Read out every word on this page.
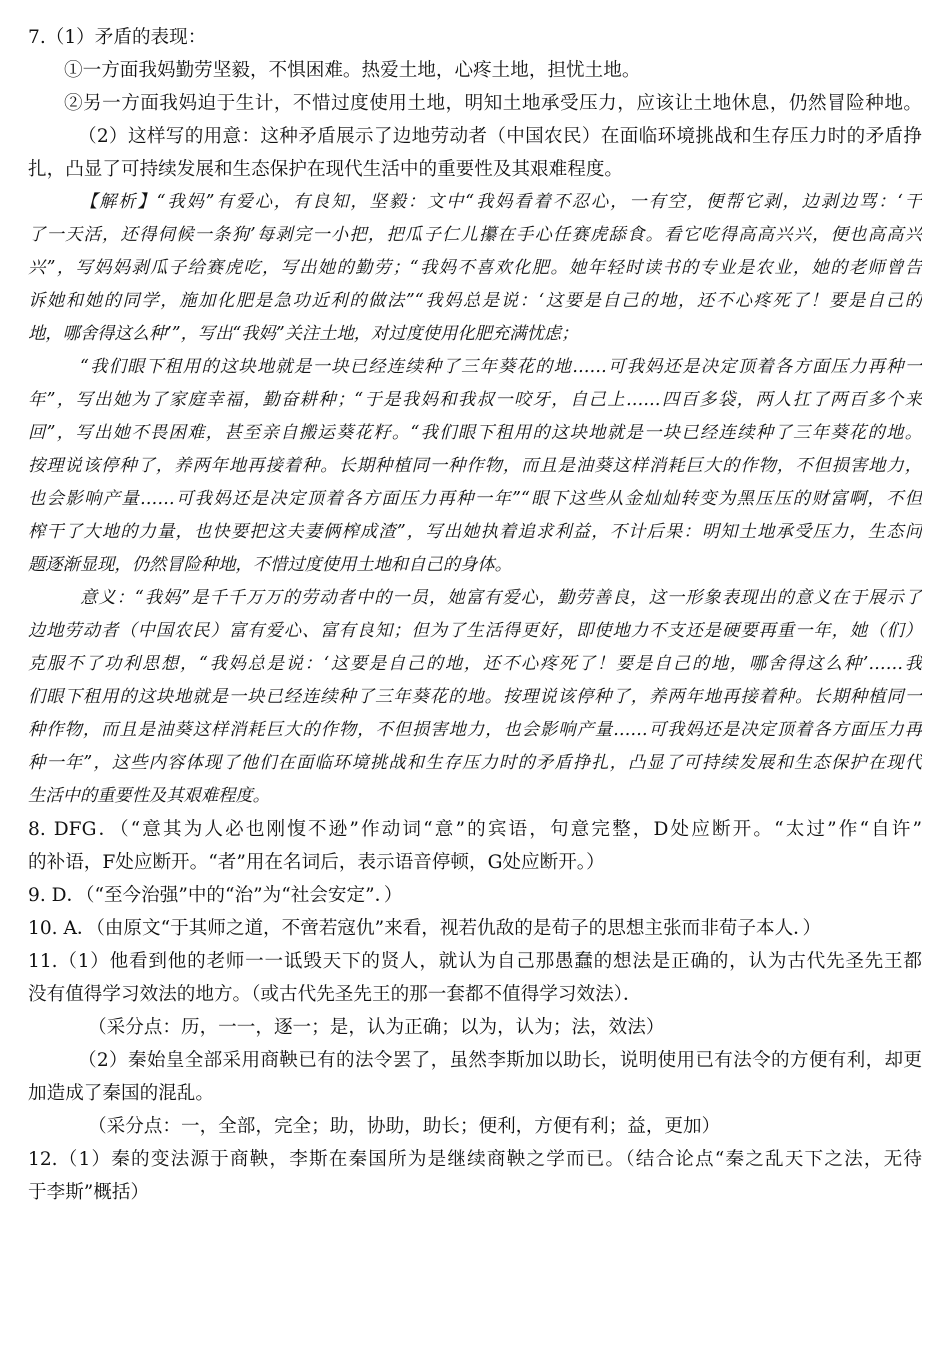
7.（1）矛盾的表现：

①一方面我妈勤劳坚毅，不惧困难。热爱土地，心疼土地，担忧土地。

②另一方面我妈迫于生计，不惜过度使用土地，明知土地承受压力，应该让土地休息，仍然冒险种地。

（2）这样写的用意：这种矛盾展示了边地劳动者（中国农民）在面临环境挑战和生存压力时的矛盾挣

扎，凸显了可持续发展和生态保护在现代生活中的重要性及其艰难程度。

【解析】“我妈”有爱心，有良知，坚毅：文中“我妈看着不忍心，一有空，便帮它剥，边剥边骂：‘干

了一天活，还得伺候一条狗’每剥完一小把，把瓜子仁儿攥在手心任赛虎舔食。看它吃得高高兴兴，便也高高兴

兴”，写妈妈剥瓜子给赛虎吃，写出她的勤劳；“我妈不喜欢化肥。她年轻时读书的专业是农业，她的老师曾告

诉她和她的同学，施加化肥是急功近利的做法”“我妈总是说：‘这要是自己的地，还不心疼死了！要是自己的

地，哪舍得这么种’”，写出“我妈”关注土地，对过度使用化肥充满忧虑；

“我们眼下租用的这块地就是一块已经连续种了三年葵花的地……可我妈还是决定顶着各方面压力再种一

年”，写出她为了家庭幸福，勤奋耕种；“于是我妈和我叔一咬牙，自己上……四百多袋，两人扛了两百多个来

回”，写出她不畏困难，甚至亲自搬运葵花籽。“我们眼下租用的这块地就是一块已经连续种了三年葵花的地。

按理说该停种了，养两年地再接着种。长期种植同一种作物，而且是油葵这样消耗巨大的作物，不但损害地力，

也会影响产量……可我妈还是决定顶着各方面压力再种一年”“眼下这些从金灿灿转变为黑压压的财富啊，不但

榨干了大地的力量，也快要把这夫妻俩榨成渣”，写出她执着追求利益，不计后果：明知土地承受压力，生态问

题逐渐显现，仍然冒险种地，不惜过度使用土地和自己的身体。

意义：“我妈”是千千万万的劳动者中的一员，她富有爱心，勤劳善良，这一形象表现出的意义在于展示了

边地劳动者（中国农民）富有爱心、富有良知；但为了生活得更好，即使地力不支还是硬要再重一年，她（们）

克服不了功利思想，“我妈总是说：‘这要是自己的地，还不心疼死了！要是自己的地，哪舍得这么种’……我

们眼下租用的这块地就是一块已经连续种了三年葵花的地。按理说该停种了，养两年地再接着种。长期种植同一

种作物，而且是油葵这样消耗巨大的作物，不但损害地力，也会影响产量……可我妈还是决定顶着各方面压力再

种一年”，这些内容体现了他们在面临环境挑战和生存压力时的矛盾挣扎，凸显了可持续发展和生态保护在现代

生活中的重要性及其艰难程度。

8. DFG．（“意其为人必也刚愎不逊”作动词“意”的宾语，句意完整，D处应断开。“太过”作“自许”

的补语，F处应断开。“者”用在名词后，表示语音停顿，G处应断开。）

9. D．（“至今治强”中的“治”为“社会安定”．）

10. A．（由原文“于其师之道，不啻若寇仇”来看，视若仇敌的是荀子的思想主张而非荀子本人．）

11.（1）他看到他的老师一一诋毁天下的贤人，就认为自己那愚蠢的想法是正确的，认为古代先圣先王都

没有值得学习效法的地方。（或古代先圣先王的那一套都不值得学习效法）．

（采分点：历，一一，逐一；是，认为正确；以为，认为；法，效法）

（2）秦始皇全部采用商鞅已有的法令罢了，虽然李斯加以助长，说明使用已有法令的方便有利，却更

加造成了秦国的混乱。

（采分点：一，全部，完全；助，协助，助长；便利，方便有利；益，更加）

12.（1）秦的变法源于商鞅，李斯在秦国所为是继续商鞅之学而已。（结合论点“秦之乱天下之法，无待

于李斯”概括）
